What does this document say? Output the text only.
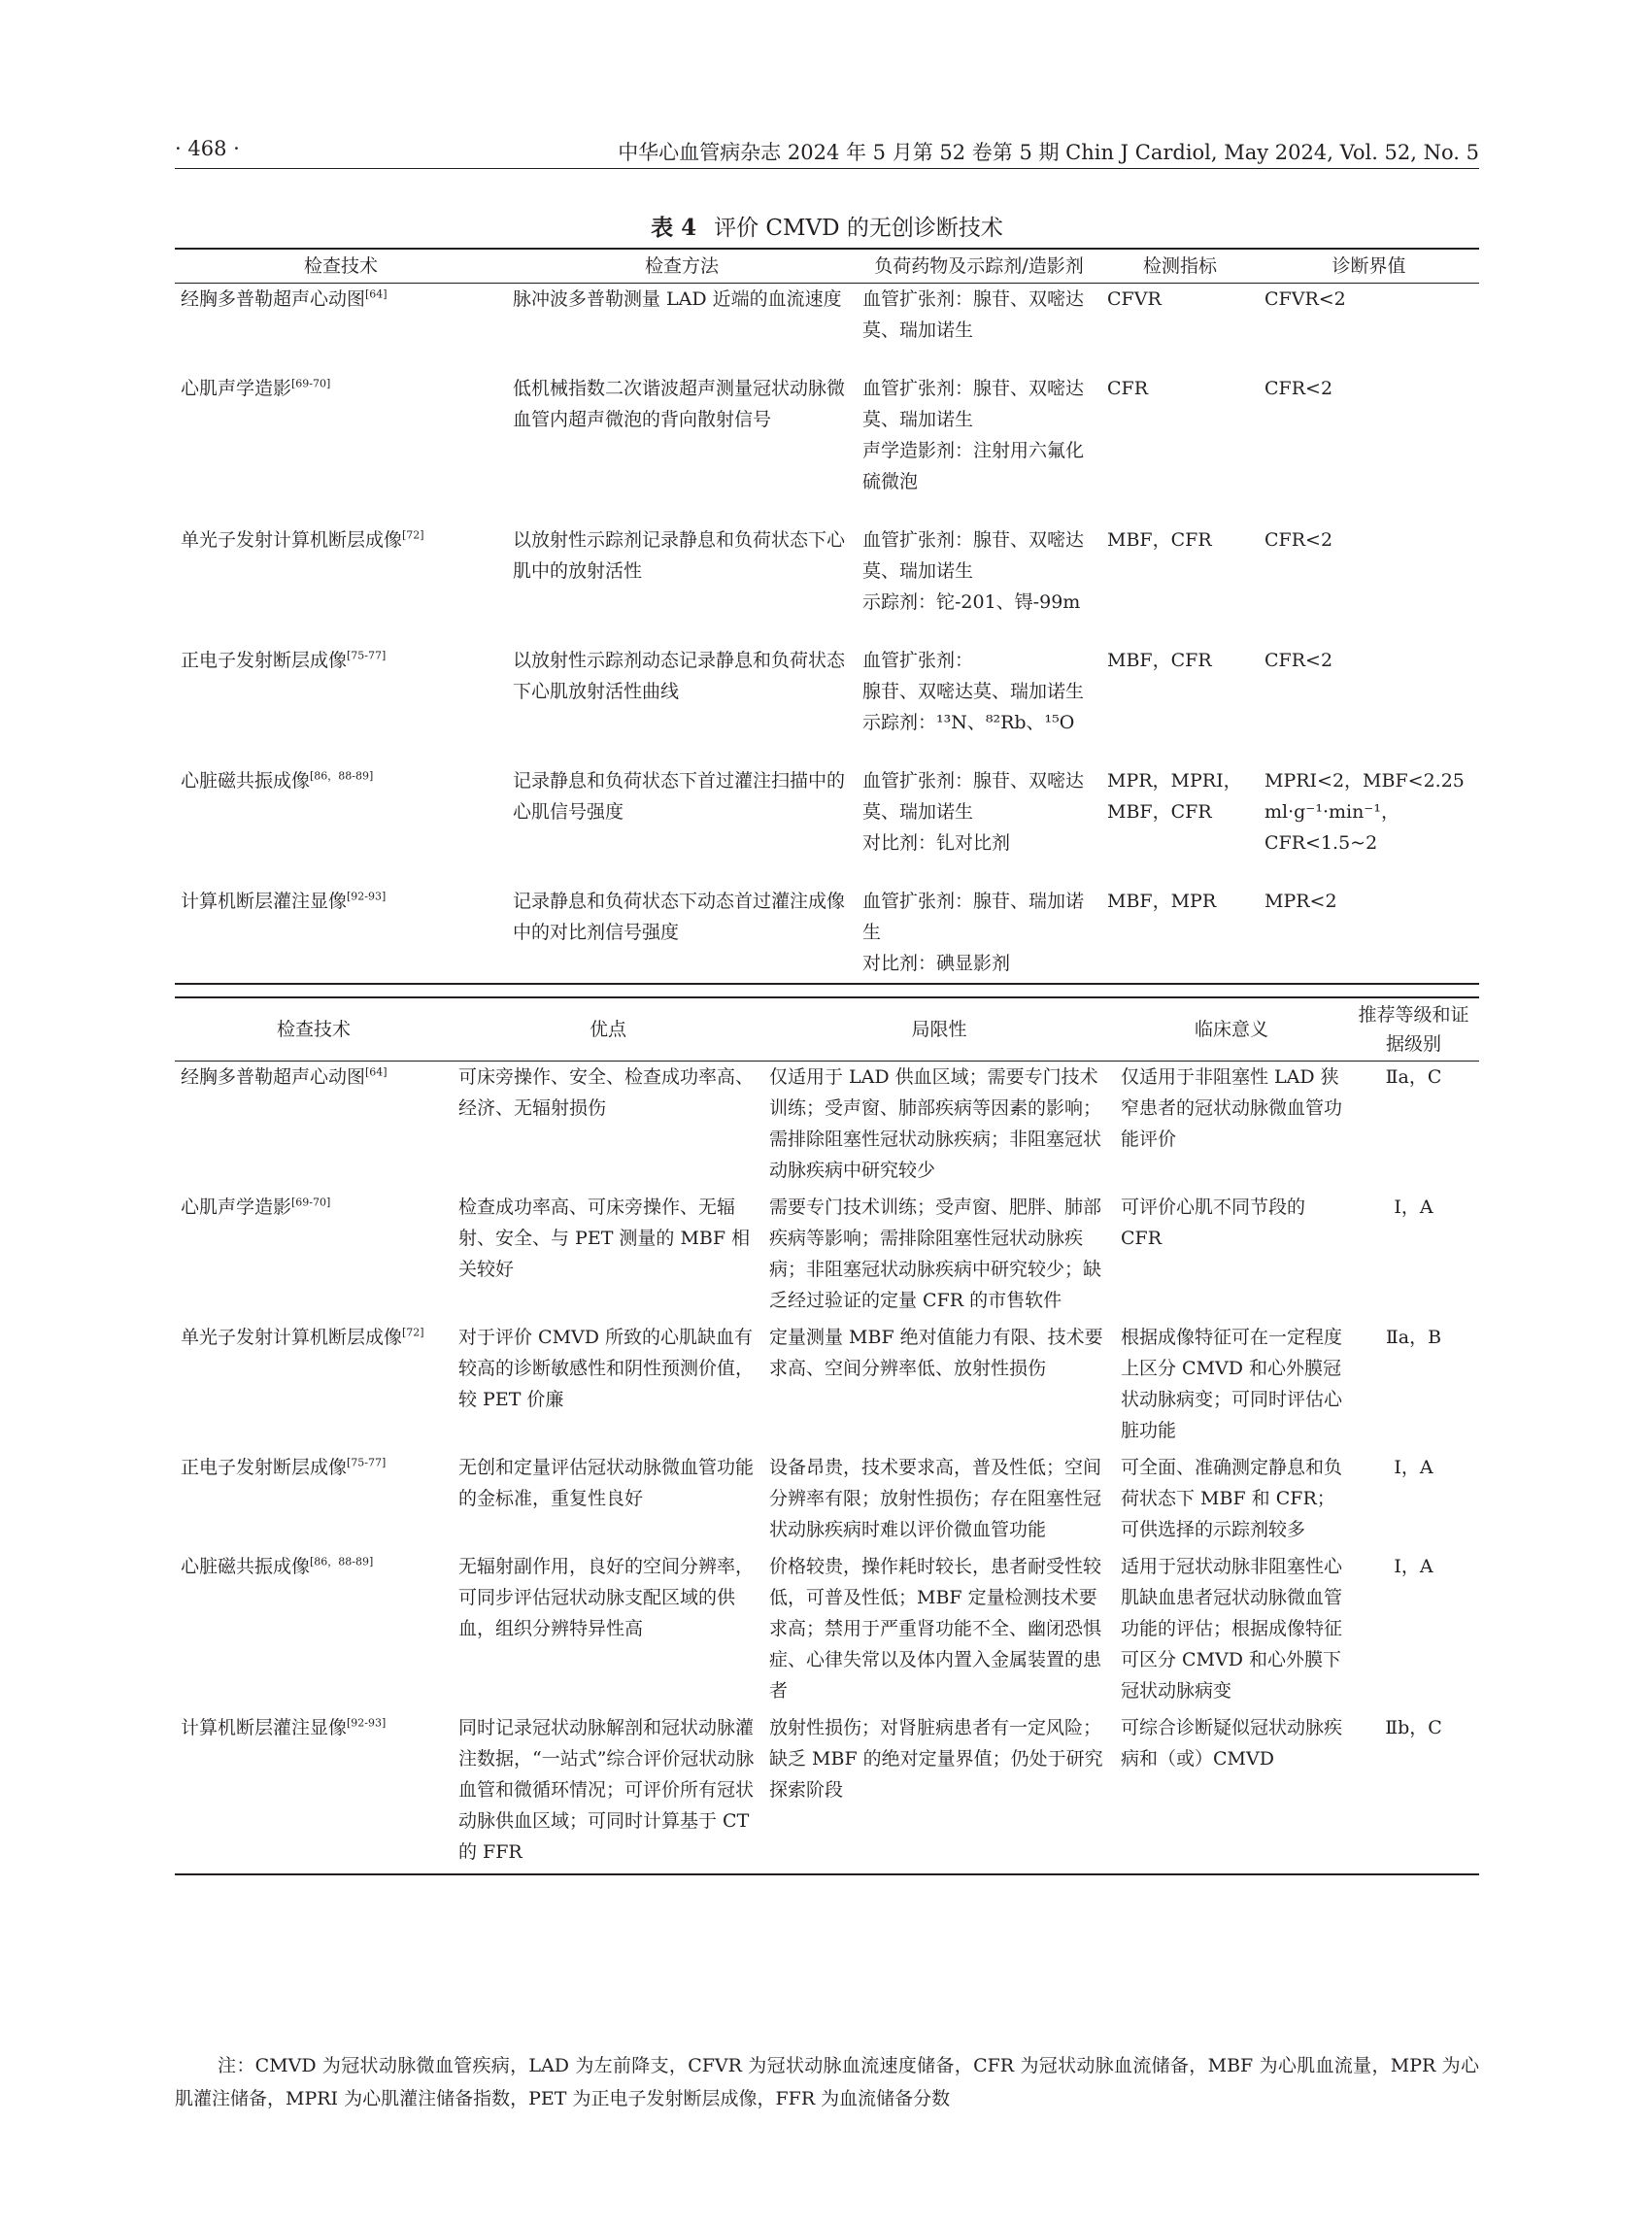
· 468 ·	中华心血管病杂志 2024 年 5 月第 52 卷第 5 期 Chin J Cardiol, May 2024, Vol. 52, No. 5
表 4 评价 CMVD 的无创诊断技术
检查技术	检查方法	负荷药物及示踪剂/造影剂	检测指标	诊断界值
经胸多普勒超声心动图[64]	脉冲波多普勒测量 LAD 近端的血流速度	血管扩张剂：腺苷、双嘧达莫、瑞加诺生	CFVR	CFVR<2

心肌声学造影[69-70]	低机械指数二次谐波超声测量冠状动脉微血管内超声微泡的背向散射信号	血管扩张剂：腺苷、双嘧达莫、瑞加诺生
声学造影剂：注射用六氟化硫微泡	CFR	CFR<2

单光子发射计算机断层成像[72]	以放射性示踪剂记录静息和负荷状态下心肌中的放射活性	血管扩张剂：腺苷、双嘧达莫、瑞加诺生
示踪剂：铊-201、锝-99m	MBF，CFR	CFR<2

正电子发射断层成像[75-77]	以放射性示踪剂动态记录静息和负荷状态下心肌放射活性曲线	血管扩张剂：
腺苷、双嘧达莫、瑞加诺生
示踪剂：¹³N、⁸²Rb、¹⁵O	MBF，CFR	CFR<2

心脏磁共振成像[86，88-89]	记录静息和负荷状态下首过灌注扫描中的心肌信号强度	血管扩张剂：腺苷、双嘧达莫、瑞加诺生
对比剂：钆对比剂	MPR，MPRI，MBF，CFR	MPRI<2，MBF<2.25 ml·g⁻¹·min⁻¹，CFR<1.5~2

计算机断层灌注显像[92-93]	记录静息和负荷状态下动态首过灌注成像中的对比剂信号强度	血管扩张剂：腺苷、瑞加诺生
对比剂：碘显影剂	MBF，MPR	MPR<2

检查技术	优点	局限性	临床意义	推荐等级和证据级别
经胸多普勒超声心动图[64]	可床旁操作、安全、检查成功率高、经济、无辐射损伤	仅适用于 LAD 供血区域；需要专门技术训练；受声窗、肺部疾病等因素的影响；需排除阻塞性冠状动脉疾病；非阻塞冠状动脉疾病中研究较少	仅适用于非阻塞性 LAD 狭窄患者的冠状动脉微血管功能评价	Ⅱa，C

心肌声学造影[69-70]	检查成功率高、可床旁操作、无辐射、安全、与 PET 测量的 MBF 相关较好	需要专门技术训练；受声窗、肥胖、肺部疾病等影响；需排除阻塞性冠状动脉疾病；非阻塞冠状动脉疾病中研究较少；缺乏经过验证的定量 CFR 的市售软件	可评价心肌不同节段的 CFR	Ⅰ，A

单光子发射计算机断层成像[72]	对于评价 CMVD 所致的心肌缺血有较高的诊断敏感性和阴性预测价值，较 PET 价廉	定量测量 MBF 绝对值能力有限、技术要求高、空间分辨率低、放射性损伤	根据成像特征可在一定程度上区分 CMVD 和心外膜冠状动脉病变；可同时评估心脏功能	Ⅱa，B

正电子发射断层成像[75-77]	无创和定量评估冠状动脉微血管功能的金标准，重复性良好	设备昂贵，技术要求高，普及性低；空间分辨率有限；放射性损伤；存在阻塞性冠状动脉疾病时难以评价微血管功能	可全面、准确测定静息和负荷状态下 MBF 和 CFR；可供选择的示踪剂较多	Ⅰ，A

心脏磁共振成像[86，88-89]	无辐射副作用，良好的空间分辨率，可同步评估冠状动脉支配区域的供血，组织分辨特异性高	价格较贵，操作耗时较长，患者耐受性较低，可普及性低；MBF 定量检测技术要求高；禁用于严重肾功能不全、幽闭恐惧症、心律失常以及体内置入金属装置的患者	适用于冠状动脉非阻塞性心肌缺血患者冠状动脉微血管功能的评估；根据成像特征可区分 CMVD 和心外膜下冠状动脉病变	Ⅰ，A

计算机断层灌注显像[92-93]	同时记录冠状动脉解剖和冠状动脉灌注数据，“一站式”综合评价冠状动脉血管和微循环情况；可评价所有冠状动脉供血区域；可同时计算基于 CT 的 FFR	放射性损伤；对肾脏病患者有一定风险；缺乏 MBF 的绝对定量界值；仍处于研究探索阶段	可综合诊断疑似冠状动脉疾病和（或）CMVD	Ⅱb，C

注：CMVD 为冠状动脉微血管疾病，LAD 为左前降支，CFVR 为冠状动脉血流速度储备，CFR 为冠状动脉血流储备，MBF 为心肌血流量，MPR 为心肌灌注储备，MPRI 为心肌灌注储备指数，PET 为正电子发射断层成像，FFR 为血流储备分数
